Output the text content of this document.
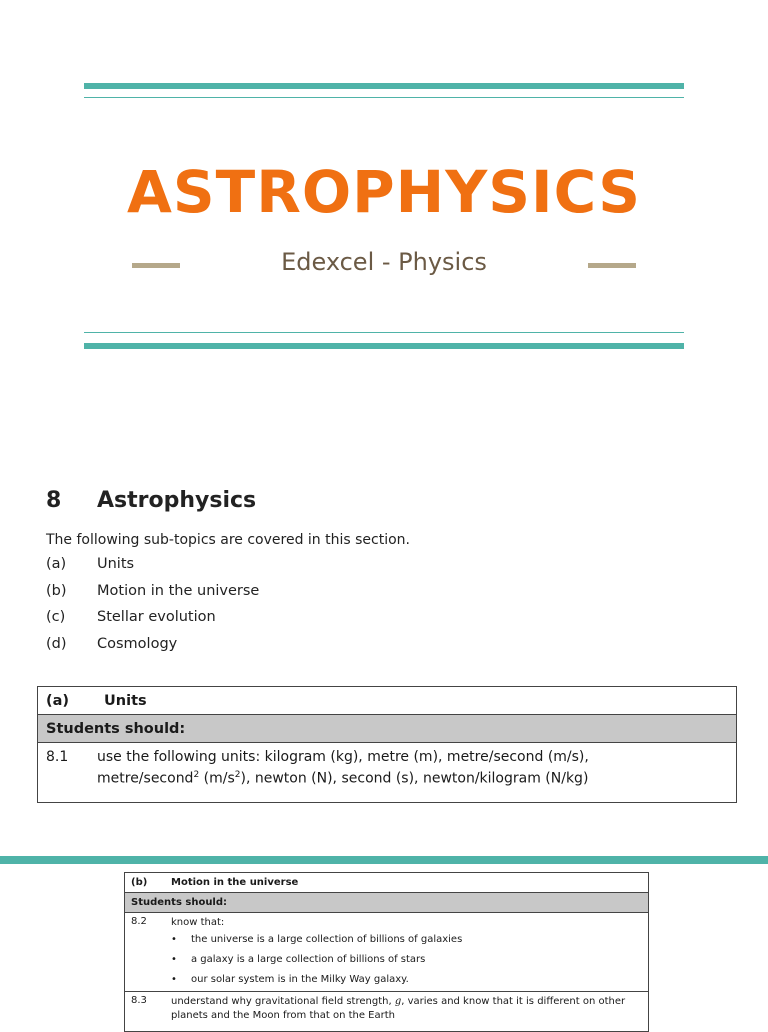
ASTROPHYSICS
Edexcel - Physics
8 Astrophysics
The following sub-topics are covered in this section.
(a)	Units
(b)	Motion in the universe
(c)	Stellar evolution
(d)	Cosmology
(a)	Units
Students should:
8.1	use the following units: kilogram (kg), metre (m), metre/second (m/s),
metre/second$^2$ $(m/s^2)$, newton (N), second (s), newton/kilogram (N/kg)
(b)	Motion in the universe
Students should:
8.2	know that:
•	the universe is a large collection of billions of galaxies
•	a galaxy is a large collection of billions of stars
•	our solar system is in the Milky Way galaxy.
8.3	understand why gravitational field strength, g, varies and know that it is different on other planets and the Moon from that on the Earth
